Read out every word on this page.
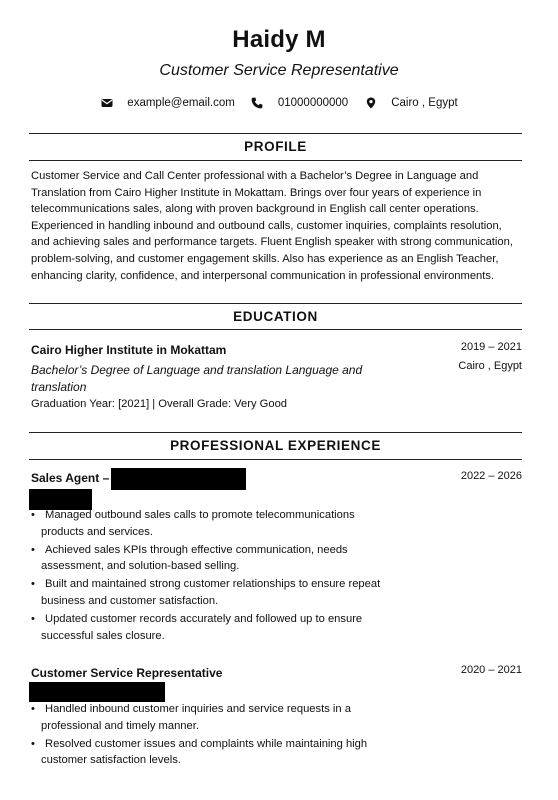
Haidy M
Customer Service Representative
example@email.com	01000000000	Cairo , Egypt
PROFILE

Customer Service and Call Center professional with a Bachelor’s Degree in Language and Translation from Cairo Higher Institute in Mokattam. Brings over four years of experience in telecommunications sales, along with proven background in English call center operations. Experienced in handling inbound and outbound calls, customer inquiries, complaints resolution, and achieving sales and performance targets. Fluent English speaker with strong communication, problem-solving, and customer engagement skills. Also has experience as an English Teacher, enhancing clarity, confidence, and interpersonal communication in professional environments.

EDUCATION
Cairo Higher Institute in Mokattam	2019 – 2021
Cairo , Egypt
Bachelor’s Degree of Language and translation Language and translation
Graduation Year: [2021] | Overall Grade: Very Good
PROFESSIONAL EXPERIENCE
Sales Agent –	2022 – 2026
• Managed outbound sales calls to promote telecommunications products and services.
• Achieved sales KPIs through effective communication, needs assessment, and solution-based selling.
• Built and maintained strong customer relationships to ensure repeat business and customer satisfaction.
• Updated customer records accurately and followed up to ensure successful sales closure.
Customer Service Representative	2020 – 2021
• Handled inbound customer inquiries and service requests in a professional and timely manner.
• Resolved customer issues and complaints while maintaining high customer satisfaction levels.
